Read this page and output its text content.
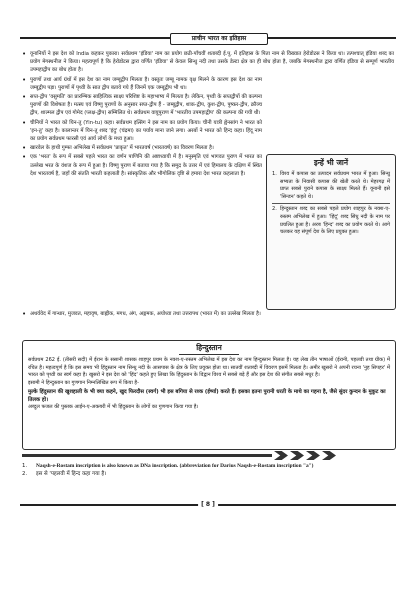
प्राचीन भारत का इतिहास
• यूनानियों ने इस देश को India कहकर पुकारा। सर्वप्रथम 'इंडिया' नाम का प्रयोग छठी-पाँचवीं शताब्दी ई.पू. में इतिहास के पिता नाम से विख्यात हेरोडोटस ने किया था। तत्पश्चात् इंडिया शब्द का प्रयोग मेगस्थनीज ने किया। महत्वपूर्ण है कि हेरोडोटस द्वारा वर्णित 'इंडिया' से केवल सिन्धु नदी तथा उसके डेल्टा क्षेत्र का ही बोध होता है, जबकि मेगस्थनीज द्वारा वर्णित इंडिया से सम्पूर्ण भारतीय उपमहाद्वीप का बोध होता है।
• पुराणों तथा आर्य ग्रंथों में इस देश का नाम जम्बूद्वीप मिलता है। वस्तुतः जम्बू नामक वृक्ष मिलने के कारण इस देश का नाम जम्बूद्वीप पड़ा। पुराणों में पृथ्वी के सात द्वीप बताये गये हैं जिनमें एक जम्बूद्वीप भी था।
• सप्त-द्वीप 'वसुमति' का प्रारम्भिक साहित्यिक साक्ष्य परिशिष्ट के महाभाष्य में मिलता है। लेकिन, पृथ्वी के सप्तद्वीपों की कल्पना पुराणों की विशेषता है। मत्स्य एवं विष्णु पुराणों के अनुसार सप्त-द्वीप हैं - जम्बूद्वीप, शाक-द्वीप, कुश-द्वीप, पुष्कर-द्वीप, क्रौञ्च द्वीप, शाल्मल द्वीप एवं गोमेद (प्लक्ष-द्वीप) सम्मिलित थे। सर्वप्रथम वायुपुराण में 'भारतीय उपमहाद्वीप' की कल्पना की गयी थी।
• चीनियों ने भारत को यिन-तु (Yin-tu) कहा। सर्वप्रथम इत्सिंग ने इस नाम का प्रयोग किया। चीनी यात्री ह्वेनसांग ने भारत को 'इन-तु' कहा है। कालान्तर में यिन-तु शब्द 'इंदु' (चंद्रमा) का पर्याय माना जाने लगा। अरबों ने भारत को हिन्द कहा। हिंदू नाम का प्रयोग सर्वप्रथम फारसी एवं आर्य लोगों के मध्य हुआ।
• खारवेल के हाथी गुम्फा अभिलेख में सर्वप्रथम 'प्राकृत' में भारतवर्ष (भारतवर्ष) का विवरण मिलता है।
• एक 'भरत' के रूप में सबसे पहले भारत का वर्णन पाणिनि की अष्टाध्यायी में है। मनुस्मृति एवं भागवत पुराण में भारत का उल्लेख भरत के वंशज के रूप में हुआ है। विष्णु पुराण में बताया गया है कि समुद्र के उत्तर में एवं हिमालय के दक्षिण में स्थित देश भारतवर्ष है, जहाँ की संतति भारती कहलाती है। सांस्कृतिक और भौगोलिक दृष्टि से हमारा देश भारत कहलाता है।
इन्हें भी जानें
1. विश्व में कपास का उत्पादन सर्वप्रथम भारत में हुआ। सिन्धु सभ्यता के निवासी कपास की खेती करते थे। मेहरगढ़ में प्राप्त सबसे पुराने कपास के साक्ष्य मिलते हैं। यूनानी इसे 'सिन्डन' कहते थे।
2. हिन्दुस्तान शब्द का सबसे पहले प्रयोग शाहपुर के नक्श-ए-रुस्तम अभिलेख में हुआ। 'हिंदू' शब्द सिंधु नदी के नाम पर प्रचलित हुआ है। अरब 'हिन्द' शब्द का प्रयोग करते थे। आगे चलकर यह संपूर्ण देश के लिए प्रयुक्त हुआ।
• अथर्ववेद में गान्धार, मुजवत, महावृष, बाह्लीक, मगध, अंग, अङ्गमक, अयोध्या तथा उत्तरापथ (भारत में) का उल्लेख मिलता है।
हिन्दुस्तान
सर्वप्रथम 262 ई. (तीसरी सदी) में ईरान के ससानी शासक शाहपुर प्रथम के नक्श-ए-रुस्तम अभिलेख में इस देश का नाम हिन्दुस्तान मिलता है। यह लेख तीन भाषाओं (ईरानी, पहलवी तथा ग्रीक) में रचित है। महत्वपूर्ण है कि इस समय भी हिंदुस्तान नाम सिन्धु नदी के आसपास के क्षेत्र के लिए प्रयुक्त होता था। सातवीं शताब्दी में विवरण इसमें मिलता है। अमीर खुसरो ने अपनी रचना 'नुह सिपहर' में भारत को पृथ्वी का स्वर्ग कहा है। खुसरो ने इस देश को 'हिंद' कहते हुए लिखा कि हिंदुस्तान के विद्वान विश्व में सबसे बड़े हैं और इस देश की संगीत सबसे मधुर है।
इसामी ने हिन्दुस्तान का गुणगान निम्नलिखित रूप में किया है-
मुल्के हिंदुस्तान की खुशहाली के भी क्या कहने, खुद फिरदौस (स्वर्ग) भी इस बगिया से रश्क (ईर्ष्या) करते हैं। इसका इतना पुरानी धरती के माथे का गहना है, जैसे सुंदर कुन्दन के मुकुट का तिलक हो।
अब्दुल फजल की पुस्तक आईन-ए-अकबरी में भी हिंदुस्तान के लोगों का गुणगान किया गया है।
1.	Naqsh-e-Rostam inscription is also known as DNa inscription. (abbreviation for Darius Naqsh-e-Rostam inscription "a")
2.	इस से 'पहलवी में हिन्द कहा गया है।
[ 8 ]
